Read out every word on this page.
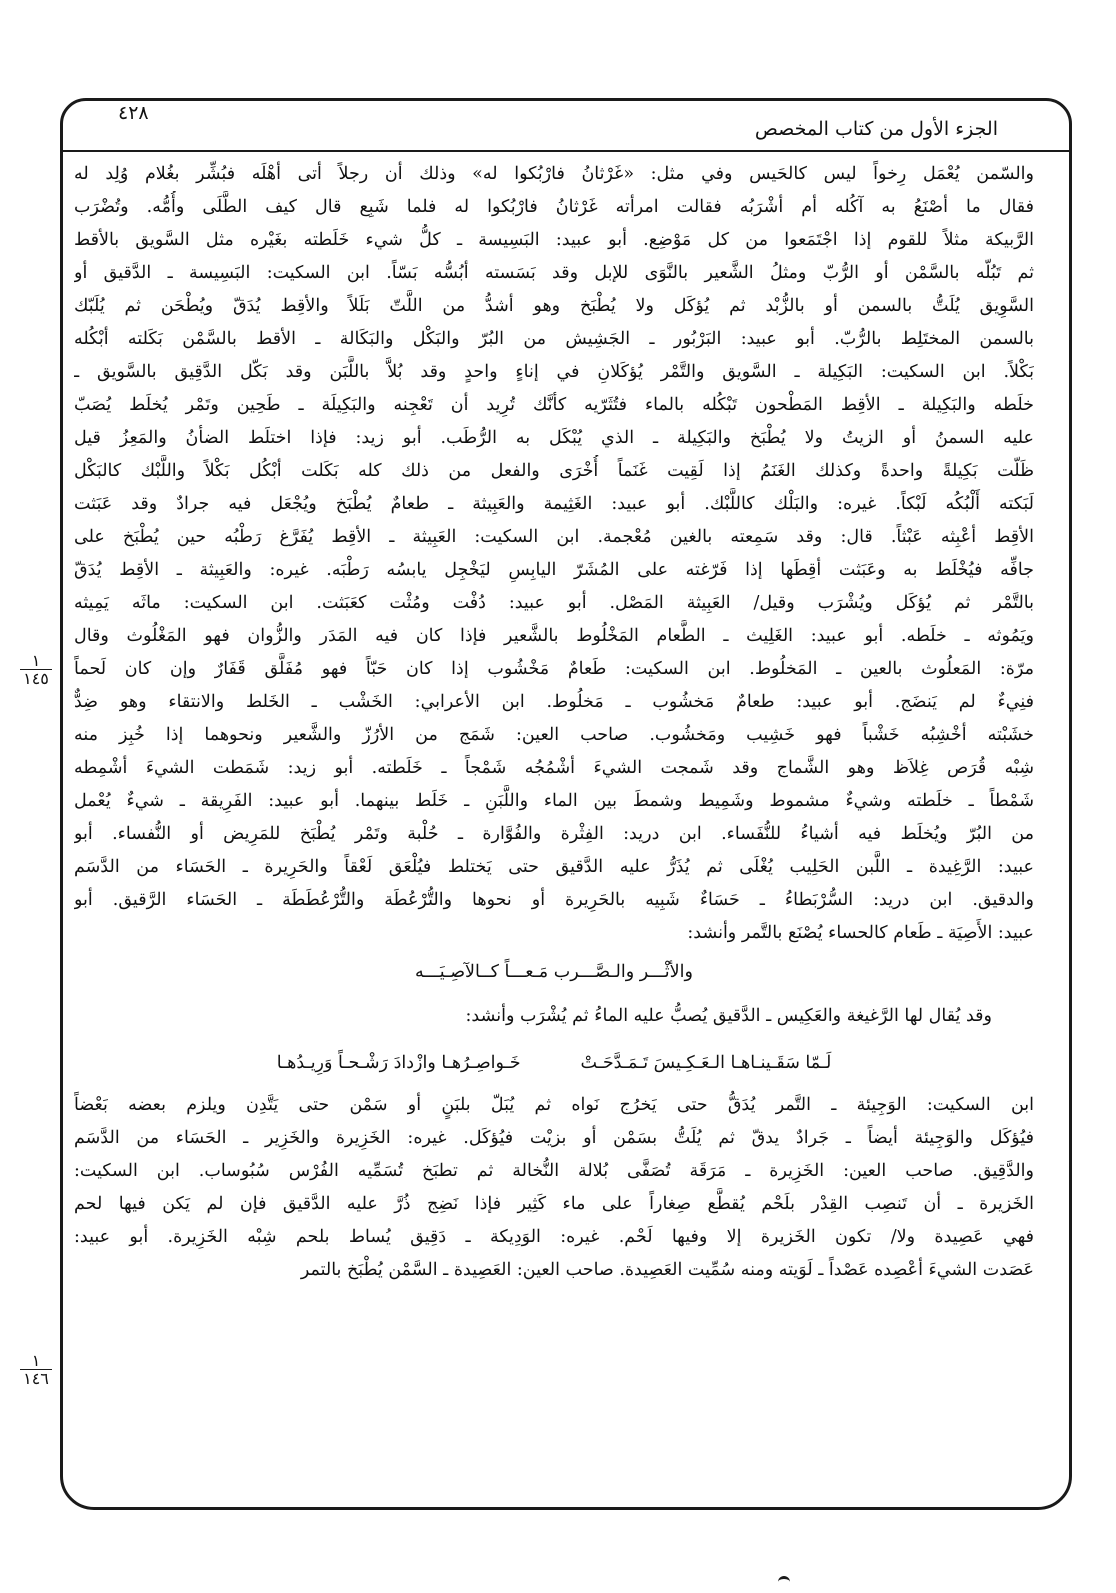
٤٢٨
الجزء الأول من كتاب المخصص
والسّمن يُعْمَل رِخواً ليس كالحَيس وفي مثل: «غَرْثانُ فارْبُكوا له» وذلك أن رجلاً أتى أهْلَه فبُشِّر بغُلام وُلِد له
فقال ما أصْنَعُ به آكُله أم أشْرَبُه فقالت امرأته غَرْثانُ فارْبُكوا له فلما شَبِع قال كيف الطَّلَى وأُمُّه. وتُضْرَب
الرَّبيكة مثلاً للقوم إذا اجْتَمَعوا من كل مَوْضِع. أبو عبيد: البَسِيسة ـ كلُّ شيء خَلَطته بغَيْره مثل السَّويق بالأقط
ثم تَبُلّه بالسَّمْن أو الرُّبّ ومثلُ الشَّعير بالنَّوَى للإبل وقد بَسَسته أبُسُّه بَسّاً. ابن السكيت: البَسِيسة ـ الدَّقيق أو
السَّوِيق يُلَتُّ بالسمن أو بالزُّبْد ثم يُؤكَل ولا يُطْبَخ وهو أشدُّ من اللَّتّ بَلَلاً والأقِط يُدَقّ ويُطْحَن ثم يُلَبّك
بالسمن المختَلِط بالرُّبّ. أبو عبيد: البَرْبُور ـ الجَشِيش من البُرّ والبَكْل والبَكَالة ـ الأقط بالسَّمْن بَكَلته أبْكُله
بَكْلاً. ابن السكيت: البَكِيلة ـ السَّويق والتَّمْر يُؤكَلانِ في إناءٍ واحدٍ وقد بُلاَّ باللَّبَن وقد بَكّل الدَّقِيق بالسَّويق ـ
خلَطه والبَكِيلة ـ الأقِط المَطْحون تَبْكُله بالماء فتُثَرّيه كأنَّك تُرِيد أن تَعْجِنه والبَكِيلَة ـ طَحِين وتَمْر يُخلَط يُصَبّ
عليه السمنُ أو الزيتُ ولا يُطْبَخ والبَكِيلة ـ الذي يُبْكَل به الرُّطَب. أبو زيد: فإذا اختلَط الضأنُ والمَعِزُ قيل
ظَلّت بَكِيلةً واحدةً وكذلك الغَنَمُ إذا لَقِيت غَنَماً أُخْرَى والفعل من ذلك كله بَكَلت أبْكُل بَكْلاً واللَّبْك كالبَكْل
لَبَكته أَلْبُكُه لَبْكاً. غيره: والبَلْك كاللَّبْك. أبو عبيد: الغَثِيمة والعَبِيثة ـ طعامٌ يُطْبَخ ويُجْعَل فيه جرادٌ وقد عَبَثت
الأقِط أعْبِثه عَبْثاً. قال: وقد سَمِعته بالغين مُعْجمة. ابن السكيت: العَبِيثة ـ الأقِط يُفَرَّغ رَطْبُه حين يُطْبَخ على
جافِّه فيُخْلَط به وعَبَثت أقِطَها إذا فَرّغته على المُشَرّ اليابِسِ ليَخْجِل يابسُه رَطْبَه. غيره: والعَبِيثة ـ الأقِط يُدَقّ
بالتَّمْر ثم يُؤكَل ويُشْرَب وقيل/ العَبِيثة المَصْل. أبو عبيد: دُفْت ومُثْت كعَبَثت. ابن السكيت: ماثَه يَمِيثه
ويَمُوثه ـ خلَطه. أبو عبيد: الغَلِيث ـ الطَّعام المَخْلُوط بالشَّعير فإذا كان فيه المَدَر والزُّوان فهو المَغْلُوث وقال
مرّة: المَعلُوث بالعين ـ المَخلُوط. ابن السكيت: طَعامٌ مَخْشُوب إذا كان حَبّاً فهو مُفَلَّق قَفَارٌ وإن كان لَحماً
فنِيءٌ لم يَنضَج. أبو عبيد: طعامٌ مَخشُوب ـ مَخلُوط. ابن الأعرابي: الخَشْب ـ الخَلط والانتقاء وهو ضِدٌّ
خشَبْته أخْشِبُه خَشْباً فهو خَشِيب ومَخشُوب. صاحب العين: شَمَج من الأرُزّ والشَّعير ونحوهما إذا خُبِز منه
شِبْه قُرَص غِلاَظ وهو الشَّماج وقد شَمجت الشيءَ أشْمُجُه شَمْجاً ـ خَلَطته. أبو زيد: شَمَطت الشيءَ أشْمِطه
شَمْطاً ـ خلَطته وشيءٌ مشموط وشَمِيط وشمطَ بين الماء واللَّبَنِ ـ خَلَط بينهما. أبو عبيد: الفَرِيقة ـ شيءٌ يُعْمل
من البُرّ ويُخلَط فيه أشياءُ للنُّفَساء. ابن دريد: الفِثْرة والفُوَّارة ـ حُلْبة وتَمْر يُطْبَخ للمَرِيض أو النُّفساء. أبو
عبيد: الرَّغِيدة ـ اللَّبن الحَلِيب يُغْلَى ثم يُذَرُّ عليه الدَّقيق حتى يَختلط فيُلْعَق لَعْقاً والحَرِيرة ـ الحَسَاء من الدَّسَم
والدقيق. ابن دريد: السُّرْبَطاءُ ـ حَسَاءٌ شَبِيه بالحَرِيرة أو نحوها والتُّرْعُطَة والتُّرْعُطَطَة ـ الحَسَاء الرَّقيق. أبو
عبيد: الأَصِيَة ـ طَعام كالحساء يُصْنَع بالتَّمر وأنشد:
والأثْـــر والـصَّـــرب مَـعـــاً كــالآصِـيَـــه
وقد يُقال لها الرَّغيغة والعَكِيس ـ الدَّقيق يُصبُّ عليه الماءُ ثم يُشْرَب وأنشد:
لَـمّا سَقَـينـاهـا الـعَـكِـيسَ تَـمَـدَّحَـتْ
خَـواصِـرُهـا وازْدادَ رَشْـحـاً وَرِيـدُهـا
ابن السكيت: الوَجِيئة ـ التَّمر يُدَقُّ حتى يَخرُج نَواه ثم يُبَلّ بلبَنٍ أو سَمْن حتى يَتَّدِن ويلزم بعضه بَعْضاً
فيُؤكَل والوَجِيئة أيضاً ـ جَرادٌ يدقّ ثم يُلَتُّ بسَمْن أو بزيْت فيُؤكَل. غيره: الخَزِيرة والخَزِير ـ الحَسَاء من الدَّسَم
والدَّقِيق. صاحب العين: الخَزِيرة ـ مَرَقَة تُصَفَّى بُلالة النُّخالة ثم تطبَخ تُسَمِّيه الفُرْس سُبُوساب. ابن السكيت:
الخَزيرة ـ أن تَنصِب القِدْر بلَحْم يُقطَّع صِغاراً على ماء كَثِير فإذا نَضِج ذُرَّ عليه الدَّقيق فإن لم يَكن فيها لحم
فهي عَصِيدة ولا/ تكون الخَزيرة إلا وفيها لَحْم. غيره: الوَدِيكة ـ دَقِيق يُساط بلحم شِبْه الخَزِيرة. أبو عبيد:
عَصَدت الشيءَ أعْصِده عَصْداً ـ لَوَيته ومنه سُمِّيت العَصِيدة. صاحب العين: العَصِيدة ـ السَّمْن يُطْبَخ بالتمر
١
١٤٥
١
١٤٦
